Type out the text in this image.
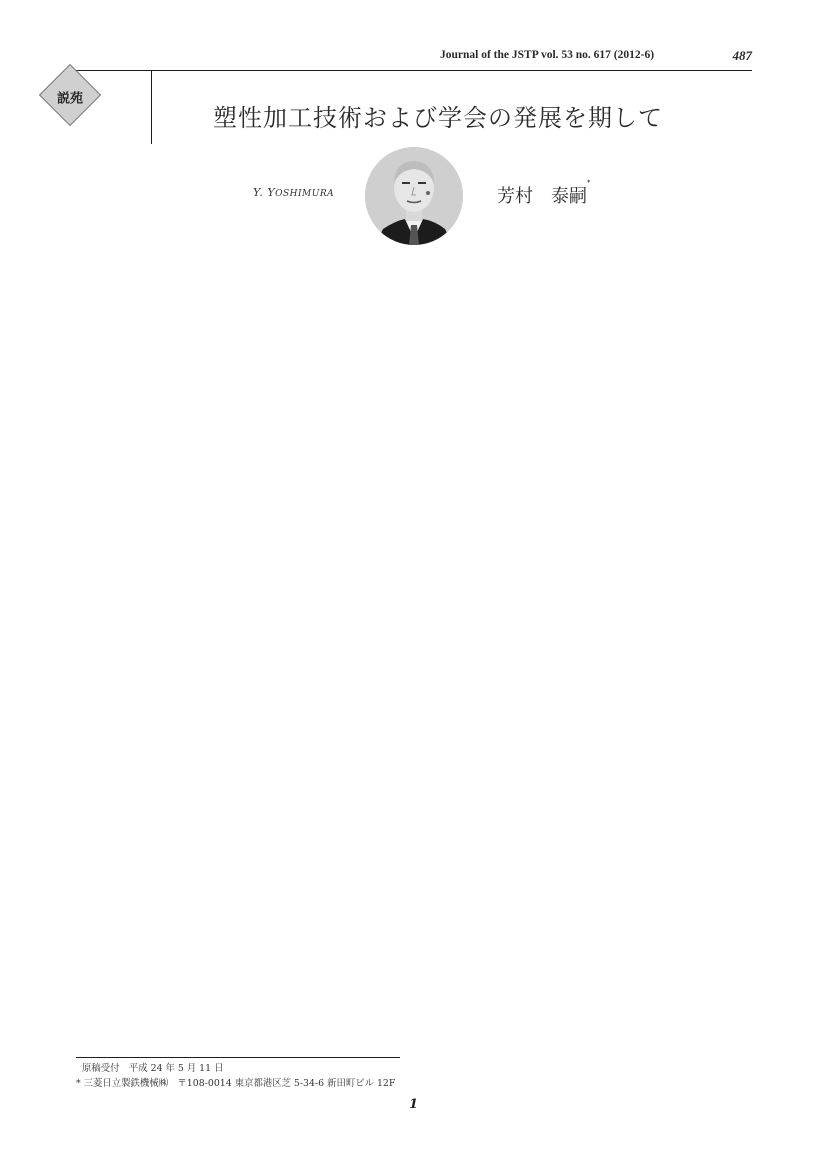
Journal of the JSTP vol. 53 no. 617 (2012-6)	487
説苑
塑性加工技術および学会の発展を期して
Y. YOSHIMURA	芳村　泰嗣*
原稿受付　平成 24 年 5 月 11 日
* 三菱日立製鉄機械㈱　〒108-0014 東京都港区芝 5-34-6 新田町ビル 12F
1
